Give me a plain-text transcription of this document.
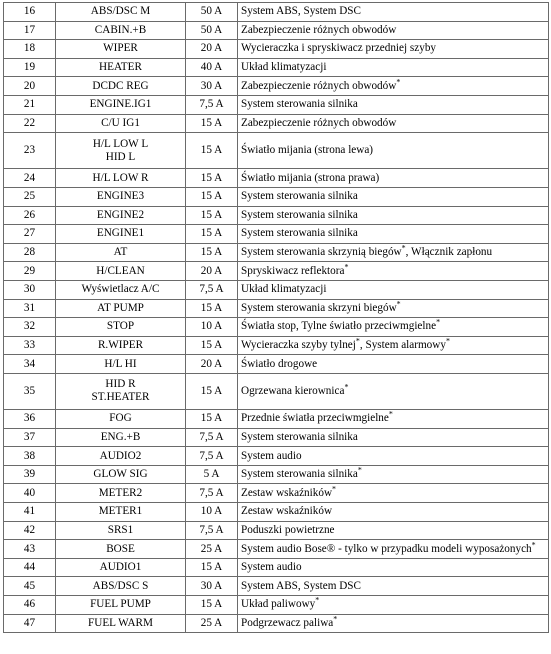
16	ABS/DSC M	50 A	System ABS, System DSC
17	CABIN.+B	50 A	Zabezpieczenie różnych obwodów
18	WIPER	20 A	Wycieraczka i spryskiwacz przedniej szyby
19	HEATER	40 A	Układ klimatyzacji
20	DCDC REG	30 A	Zabezpieczenie różnych obwodów*
21	ENGINE.IG1	7,5 A	System sterowania silnika
22	C/U IG1	15 A	Zabezpieczenie różnych obwodów
23	H/L LOW L
HID L	15 A	Światło mijania (strona lewa)
24	H/L LOW R	15 A	Światło mijania (strona prawa)
25	ENGINE3	15 A	System sterowania silnika
26	ENGINE2	15 A	System sterowania silnika
27	ENGINE1	15 A	System sterowania silnika
28	AT	15 A	System sterowania skrzynią biegów*, Włącznik zapłonu
29	H/CLEAN	20 A	Spryskiwacz reflektora*
30	Wyświetlacz A/C	7,5 A	Układ klimatyzacji
31	AT PUMP	15 A	System sterowania skrzyni biegów*
32	STOP	10 A	Światła stop, Tylne światło przeciwmgielne*
33	R.WIPER	15 A	Wycieraczka szyby tylnej*, System alarmowy*
34	H/L HI	20 A	Światło drogowe
35	HID R
ST.HEATER	15 A	Ogrzewana kierownica*
36	FOG	15 A	Przednie światła przeciwmgielne*
37	ENG.+B	7,5 A	System sterowania silnika
38	AUDIO2	7,5 A	System audio
39	GLOW SIG	5 A	System sterowania silnika*
40	METER2	7,5 A	Zestaw wskaźników*
41	METER1	10 A	Zestaw wskaźników
42	SRS1	7,5 A	Poduszki powietrzne
43	BOSE	25 A	System audio Bose® - tylko w przypadku modeli wyposażonych*
44	AUDIO1	15 A	System audio
45	ABS/DSC S	30 A	System ABS, System DSC
46	FUEL PUMP	15 A	Układ paliwowy*
47	FUEL WARM	25 A	Podgrzewacz paliwa*
